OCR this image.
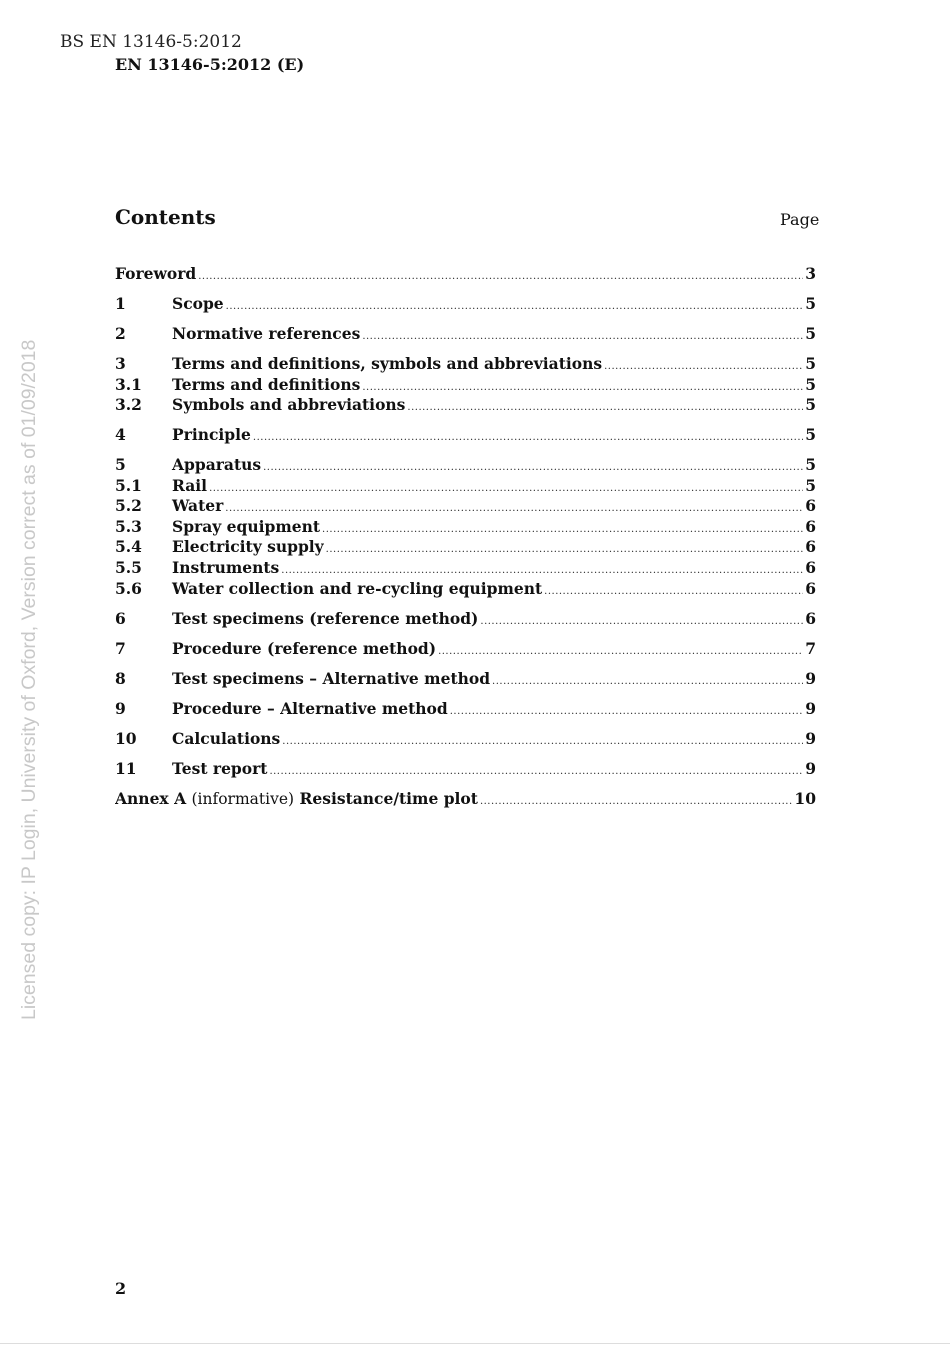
BS EN 13146-5:2012
EN 13146-5:2012 (E)
Contents	Page
Foreword .....	3
1	Scope .....	5
2	Normative references .....	5
3	Terms and definitions, symbols and abbreviations .....	5
3.1	Terms and definitions .....	5
3.2	Symbols and abbreviations .....	5
4	Principle .....	5
5	Apparatus .....	5
5.1	Rail .....	5
5.2	Water .....	6
5.3	Spray equipment .....	6
5.4	Electricity supply .....	6
5.5	Instruments .....	6
5.6	Water collection and re-cycling equipment .....	6
6	Test specimens (reference method) .....	6
7	Procedure (reference method) .....	7
8	Test specimens – Alternative method .....	9
9	Procedure – Alternative method .....	9
10	Calculations .....	9
11	Test report .....	9
Annex A (informative) Resistance/time plot .....	10
Licensed copy: IP Login, University of Oxford, Version correct as of 01/09/2018
2
